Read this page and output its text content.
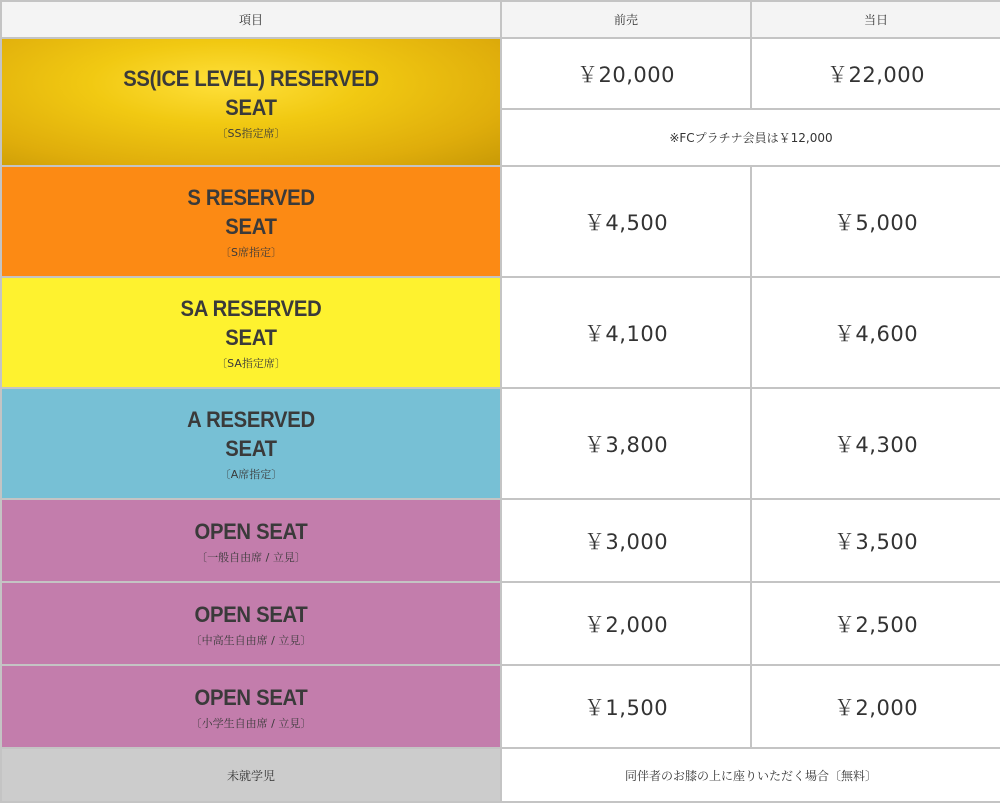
項目	前売	当日

SS(ICE LEVEL) RESERVED
SEAT
〔SS指定席〕	￥20,000	￥22,000
	※FCプラチナ会員は￥12,000	

S RESERVED
SEAT
〔S席指定〕	￥4,500	￥5,000

SA RESERVED
SEAT
〔SA指定席〕	￥4,100	￥4,600

A RESERVED
SEAT
〔A席指定〕	￥3,800	￥4,300

OPEN SEAT
〔一般自由席 / 立見〕	￥3,000	￥3,500

OPEN SEAT
〔中高生自由席 / 立見〕	￥2,000	￥2,500

OPEN SEAT
〔小学生自由席 / 立見〕	￥1,500	￥2,000
未就学児	同伴者のお膝の上に座りいただく場合〔無料〕	
